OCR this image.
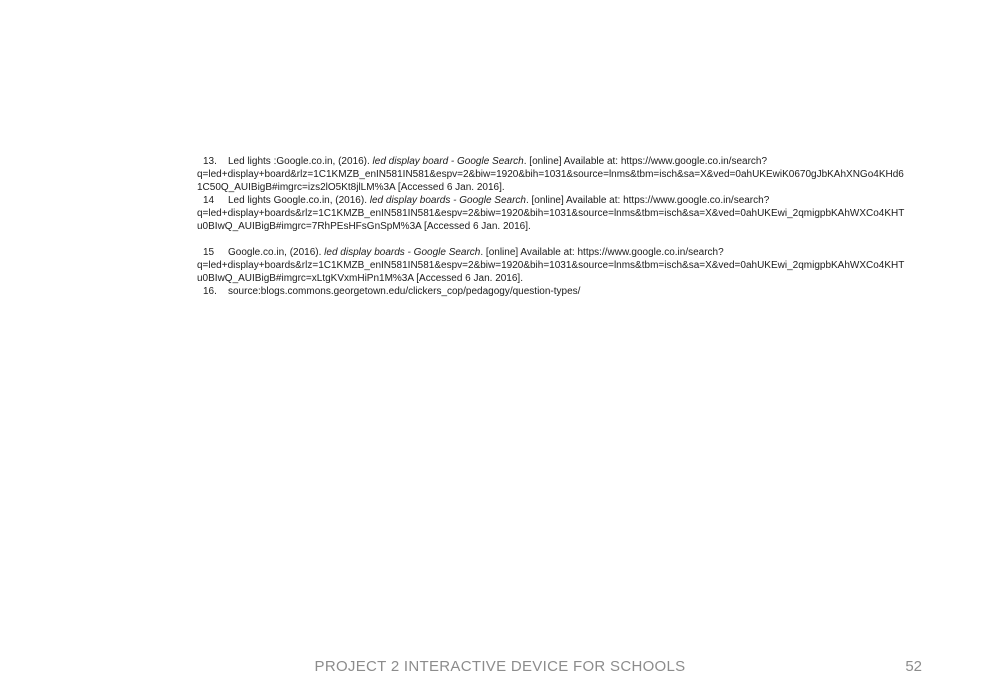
13. Led lights :Google.co.in, (2016). led display board - Google Search. [online] Available at: https://www.google.co.in/search?
q=led+display+board&rlz=1C1KMZB_enIN581IN581&espv=2&biw=1920&bih=1031&source=lnms&tbm=isch&sa=X&ved=0ahUKEwiK0670gJbKAhXNGo4KHd6
1C50Q_AUIBigB#imgrc=izs2lO5Kt8jlLM%3A [Accessed 6 Jan. 2016].
14 Led lights Google.co.in, (2016). led display boards - Google Search. [online] Available at: https://www.google.co.in/search?
q=led+display+boards&rlz=1C1KMZB_enIN581IN581&espv=2&biw=1920&bih=1031&source=lnms&tbm=isch&sa=X&ved=0ahUKEwi_2qmigpbKAhWXCo4KHT
u0BIwQ_AUIBigB#imgrc=7RhPEsHFsGnSpM%3A [Accessed 6 Jan. 2016].
15 Google.co.in, (2016). led display boards - Google Search. [online] Available at: https://www.google.co.in/search?
q=led+display+boards&rlz=1C1KMZB_enIN581IN581&espv=2&biw=1920&bih=1031&source=lnms&tbm=isch&sa=X&ved=0ahUKEwi_2qmigpbKAhWXCo4KHT
u0BIwQ_AUIBigB#imgrc=xLtgKVxmHiPn1M%3A [Accessed 6 Jan. 2016].
16. source:blogs.commons.georgetown.edu/clickers_cop/pedagogy/question-types/
PROJECT 2 INTERACTIVE DEVICE FOR SCHOOLS	52
